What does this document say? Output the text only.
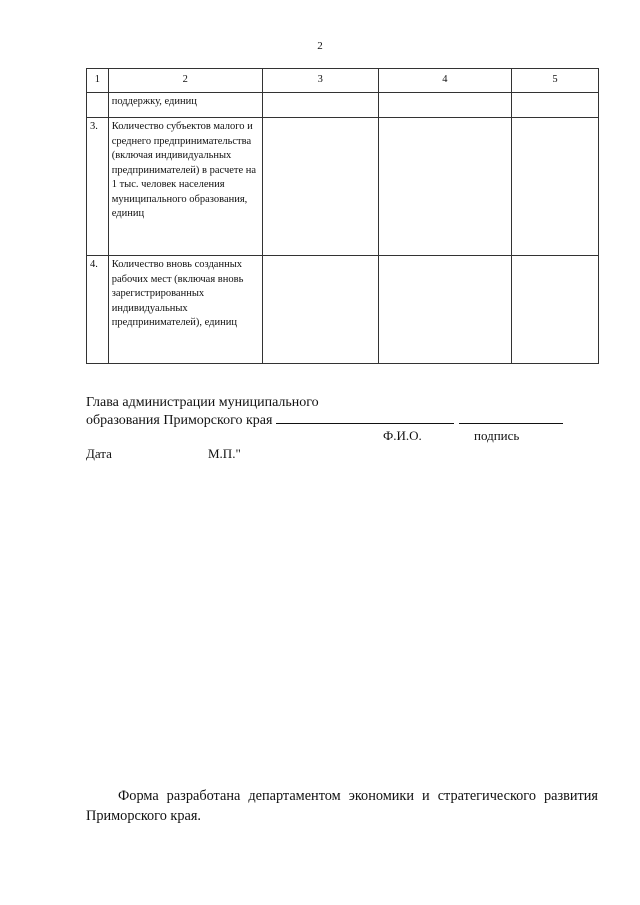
2
1	2	3	4	5
	поддержку, единиц			
3.	Количество субъектов малого и среднего предпринимательства (включая индивидуальных предпринимателей) в расчете на 1 тыс. человек населения муниципального образования, единиц			
4.	Количество вновь созданных рабочих мест (включая вновь зарегистрированных индивидуальных предпринимателей), единиц			
Глава администрации муниципального
образования Приморского края
Ф.И.О.	подпись
Дата	М.П."
Форма разработана департаментом экономики и стратегического развития Приморского края.
